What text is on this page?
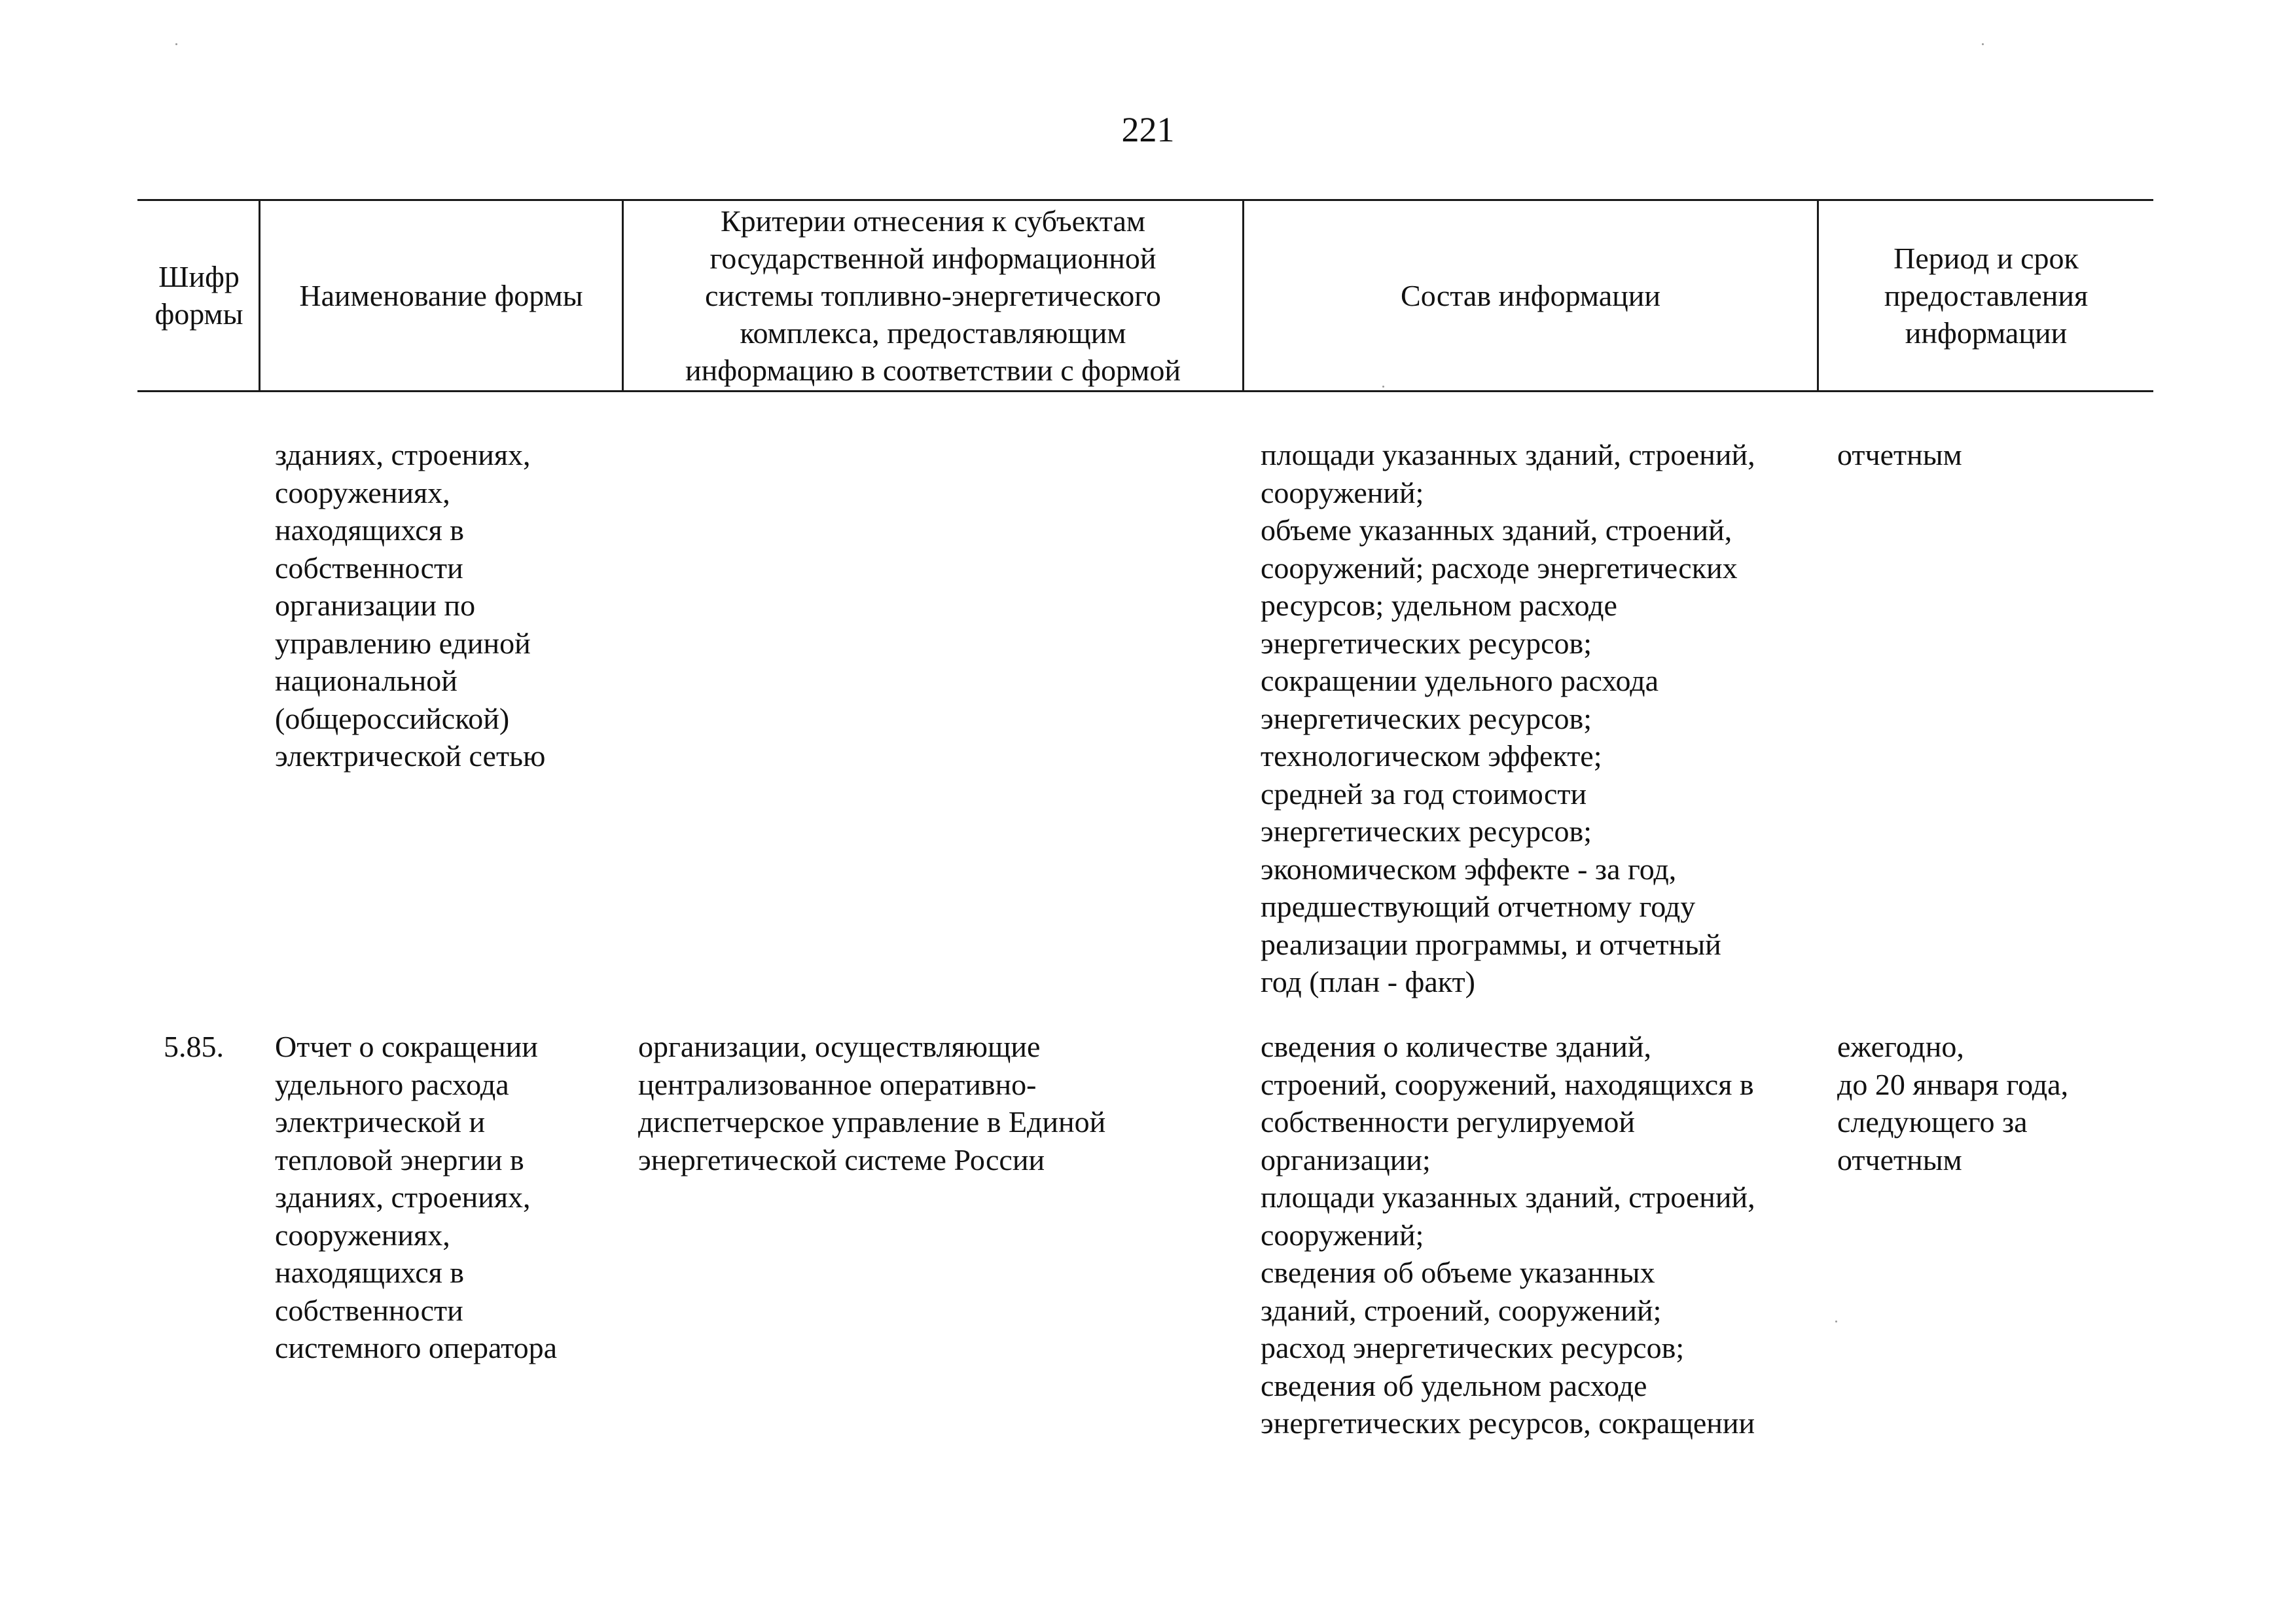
221
Шифр
формы
Наименование формы
Критерии отнесения к субъектам
государственной информационной
системы топливно-энергетического
комплекса, предоставляющим
информацию в соответствии с формой
Состав информации
Период и срок
предоставления
информации
зданиях, строениях,
сооружениях,
находящихся в
собственности
организации по
управлению единой
национальной
(общероссийской)
электрической сетью
площади указанных зданий, строений,
сооружений;
объеме указанных зданий, строений,
сооружений; расходе энергетических
ресурсов; удельном расходе
энергетических ресурсов;
сокращении удельного расхода
энергетических ресурсов;
технологическом эффекте;
средней за год стоимости
энергетических ресурсов;
экономическом эффекте - за год,
предшествующий отчетному году
реализации программы, и отчетный
год (план - факт)
отчетным
5.85. Отчет о сокращении
удельного расхода
электрической и
тепловой энергии в
зданиях, строениях,
сооружениях,
находящихся в
собственности
системного оператора
организации, осуществляющие
централизованное оперативно-
диспетчерское управление в Единой
энергетической системе России
сведения о количестве зданий,
строений, сооружений, находящихся в
собственности регулируемой
организации;
площади указанных зданий, строений,
сооружений;
сведения об объеме указанных
зданий, строений, сооружений;
расход энергетических ресурсов;
сведения об удельном расходе
энергетических ресурсов, сокращении
ежегодно,
до 20 января года,
следующего за
отчетным
